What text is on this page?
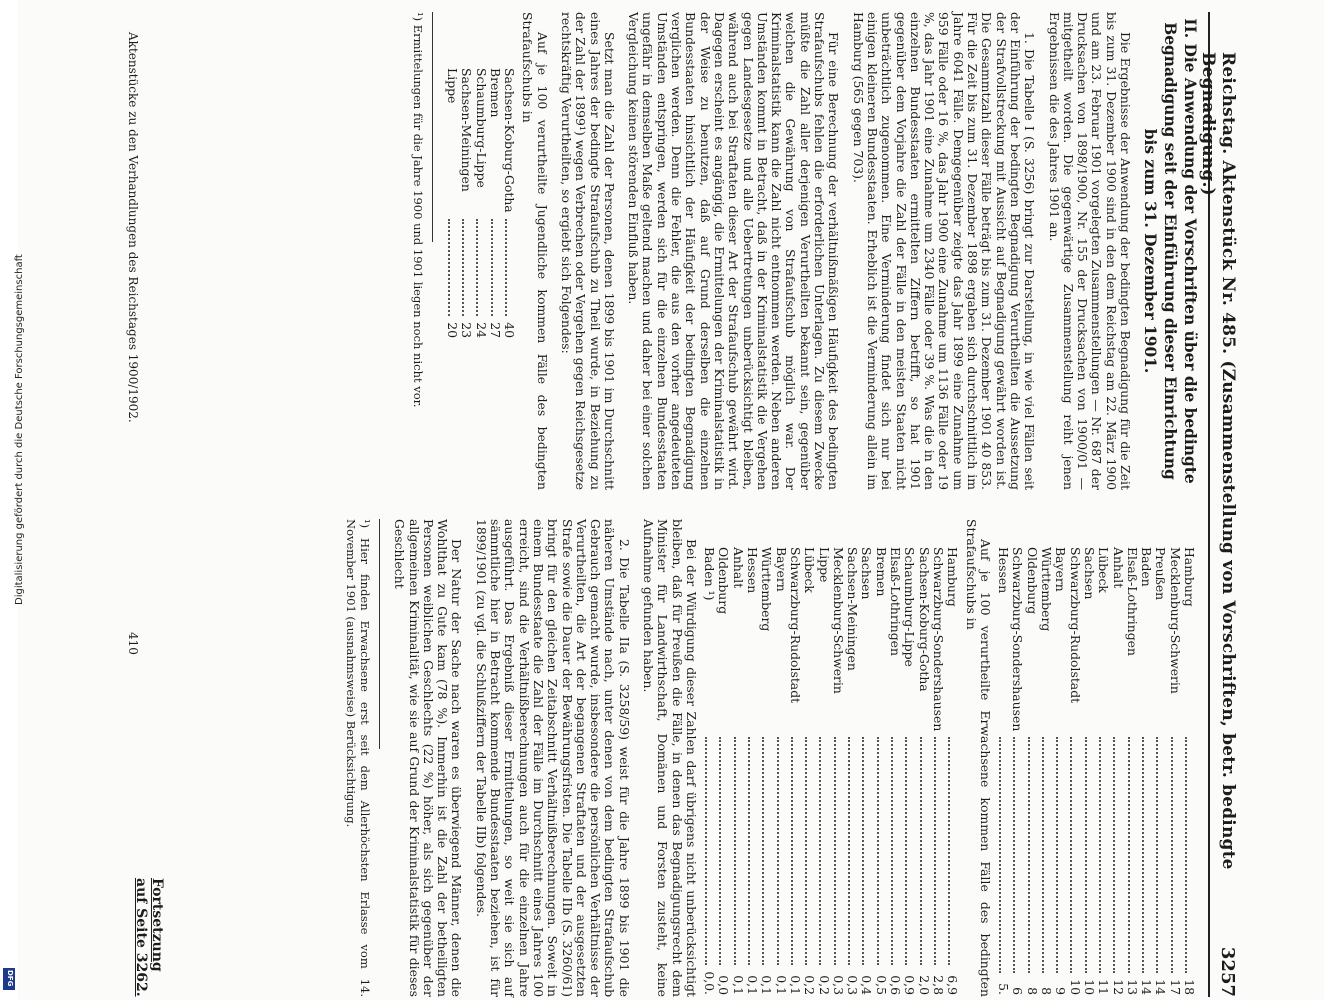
Reichstag. Aktenstück Nr. 485. (Zusammenstellung von Vorschriften, betr. bedingte Begnadigung.)
3257
II. Die Anwendung der Vorschriften über die bedingte Begnadigung seit der Einführung dieser Einrichtung bis zum 31. Dezember 1901.

Die Ergebnisse der Anwendung der bedingten Begnadigung für die Zeit bis zum 31. Dezember 1900 sind in den dem Reichstag am 22. März 1900 und am 23. Februar 1901 vorgelegten Zusammenstellungen — Nr. 687 der Drucksachen von 1898/1900, Nr. 155 der Drucksachen von 1900/01 — mitgetheilt worden. Die gegenwärtige Zusammenstellung reiht jenen Ergebnissen die des Jahres 1901 an.

1. Die Tabelle I (S. 3256) bringt zur Darstellung, in wie viel Fällen seit der Einführung der bedingten Begnadigung Verurtheilten die Aussetzung der Strafvollstreckung mit Aussicht auf Begnadigung gewährt worden ist. Die Gesammtzahl dieser Fälle beträgt bis zum 31. Dezember 1901 40 853. Für die Zeit bis zum 31. Dezember 1898 ergaben sich durchschnittlich im Jahre 6041 Fälle. Demgegenüber zeigte das Jahr 1899 eine Zunahme um 959 Fälle oder 16 %, das Jahr 1900 eine Zunahme um 1136 Fälle oder 19 %, das Jahr 1901 eine Zunahme um 2340 Fälle oder 39 %. Was die in den einzelnen Bundesstaaten ermittelten Ziffern betrifft, so hat 1901 gegenüber dem Vorjahre die Zahl der Fälle in den meisten Staaten nicht unbeträchtlich zugenommen. Eine Verminderung findet sich nur bei einigen kleineren Bundesstaaten. Erheblich ist die Verminderung allein im Hamburg (565 gegen 703).

Für eine Berechnung der verhältnißmäßigen Häufigkeit des bedingten Strafaufschubs fehlen die erforderlichen Unterlagen. Zu diesem Zwecke müßte die Zahl aller derjenigen Verurtheilten bekannt sein, gegenüber welchen die Gewährung von Strafaufschub möglich war. Der Kriminalstatistik kann die Zahl nicht entnommen werden. Neben anderen Umständen kommt in Betracht, daß in der Kriminalstatistik die Vergehen gegen Landesgesetze und alle Uebertretungen unberücksichtigt bleiben, während auch bei Straftaten dieser Art der Strafaufschub gewährt wird. Dagegen erscheint es angängig, die Ermittelungen der Kriminalstatistik in der Weise zu benutzen, daß auf Grund derselben die einzelnen Bundesstaaten hinsichtlich der Häufigkeit der bedingten Begnadigung verglichen werden. Denn die Fehler, die aus den vorher angedeuteten Umständen entspringen, werden sich für die einzelnen Bundesstaaten ungefähr in demselben Maße geltend machen und daher bei einer solchen Vergleichung keinen störenden Einfluß haben.

Setzt man die Zahl der Personen, denen 1899 bis 1901 im Durchschnitt eines Jahres der bedingte Strafaufschub zu Theil wurde, in Beziehung zu der Zahl der 1899¹) wegen Verbrechen oder Vergehen gegen Reichsgesetze rechtskräftig Verurtheilten, so ergiebt sich Folgendes:

Auf je 100 verurtheilte Jugendliche kommen Fälle des bedingten Strafaufschubs in

Sachsen-Koburg-Gotha		40
Bremen		27
Schaumburg-Lippe		24
Sachsen-Meiningen		23
Lippe		20

¹) Ermittelungen für die Jahre 1900 und 1901 liegen noch nicht vor.

Hamburg		18
Mecklenburg-Schwerin		17
Preußen		14
Baden		14
Elsaß-Lothringen		13
Anhalt		12
Lübeck		11
Sachsen		10
Schwarzburg-Rudolstadt		10
Bayern		9
Württemberg		8
Oldenburg		8
Schwarzburg-Sondershausen		6
Hessen		5.

Auf je 100 verurtheilte Erwachsene kommen Fälle des bedingten Strafaufschubs in

Hamburg		6,9
Schwarzburg-Sondershausen		2,8
Sachsen-Koburg-Gotha		2,0
Schaumburg-Lippe		0,9
Elsaß-Lothringen		0,6
Bremen		0,5
Sachsen		0,4
Sachsen-Meiningen		0,3
Mecklenburg-Schwerin		0,3
Lippe		0,2
Lübeck		0,2
Schwarzburg-Rudolstadt		0,1
Bayern		0,1
Württemberg		0,1
Hessen		0,1
Anhalt		0,1
Oldenburg		0,0
Baden ¹)		0,0.

Bei der Würdigung dieser Zahlen darf übrigens nicht unberücksichtigt bleiben, daß für Preußen die Fälle, in denen das Begnadigungsrecht dem Minister für Landwirthschaft, Domänen und Forsten zusteht, keine Aufnahme gefunden haben.

2. Die Tabelle IIa (S. 3258/59) weist für die Jahre 1899 bis 1901 die näheren Umstände nach, unter denen von dem bedingten Strafaufschub Gebrauch gemacht wurde, insbesondere die persönlichen Verhältnisse der Verurtheilten, die Art der begangenen Straftaten und der ausgesetzten Strafe sowie die Dauer der Bewährungsfristen. Die Tabelle IIb (S. 3260/61) bringt für den gleichen Zeitabschnitt Verhältnißberechnungen. Soweit in einem Bundesstaate die Zahl der Fälle im Durchschnitt eines Jahres 100 erreicht, sind die Verhältnißberechnungen auch für die einzelnen Jahre ausgeführt. Das Ergebniß dieser Ermittelungen, so weit sie sich auf sämmtliche hier in Betracht kommende Bundesstaaten beziehen, ist für 1899/1901 (zu vgl. die Schlußziffern der Tabelle IIb) folgendes.

Der Natur der Sache nach waren es überwiegend Männer, denen die Wohlthat zu Gute kam (78 %). Immerhin ist die Zahl der betheiligten Personen weiblichen Geschlechts (22 %) höher, als sich gegenüber der allgemeinen Kriminalität, wie sie auf Grund der Kriminalstatistik für dieses Geschlecht

¹) Hier finden Erwachsene erst seit dem Allerhöchsten Erlasse vom 14. November 1901 (ausnahmsweise) Berücksichtigung.

Fortsetzung auf Seite 3262.
Aktenstücke zu den Verhandlungen des Reichstages 1900/1902.
410
Digitalisierung gefördert durch die Deutsche Forschungsgemeinschaft
DFG
